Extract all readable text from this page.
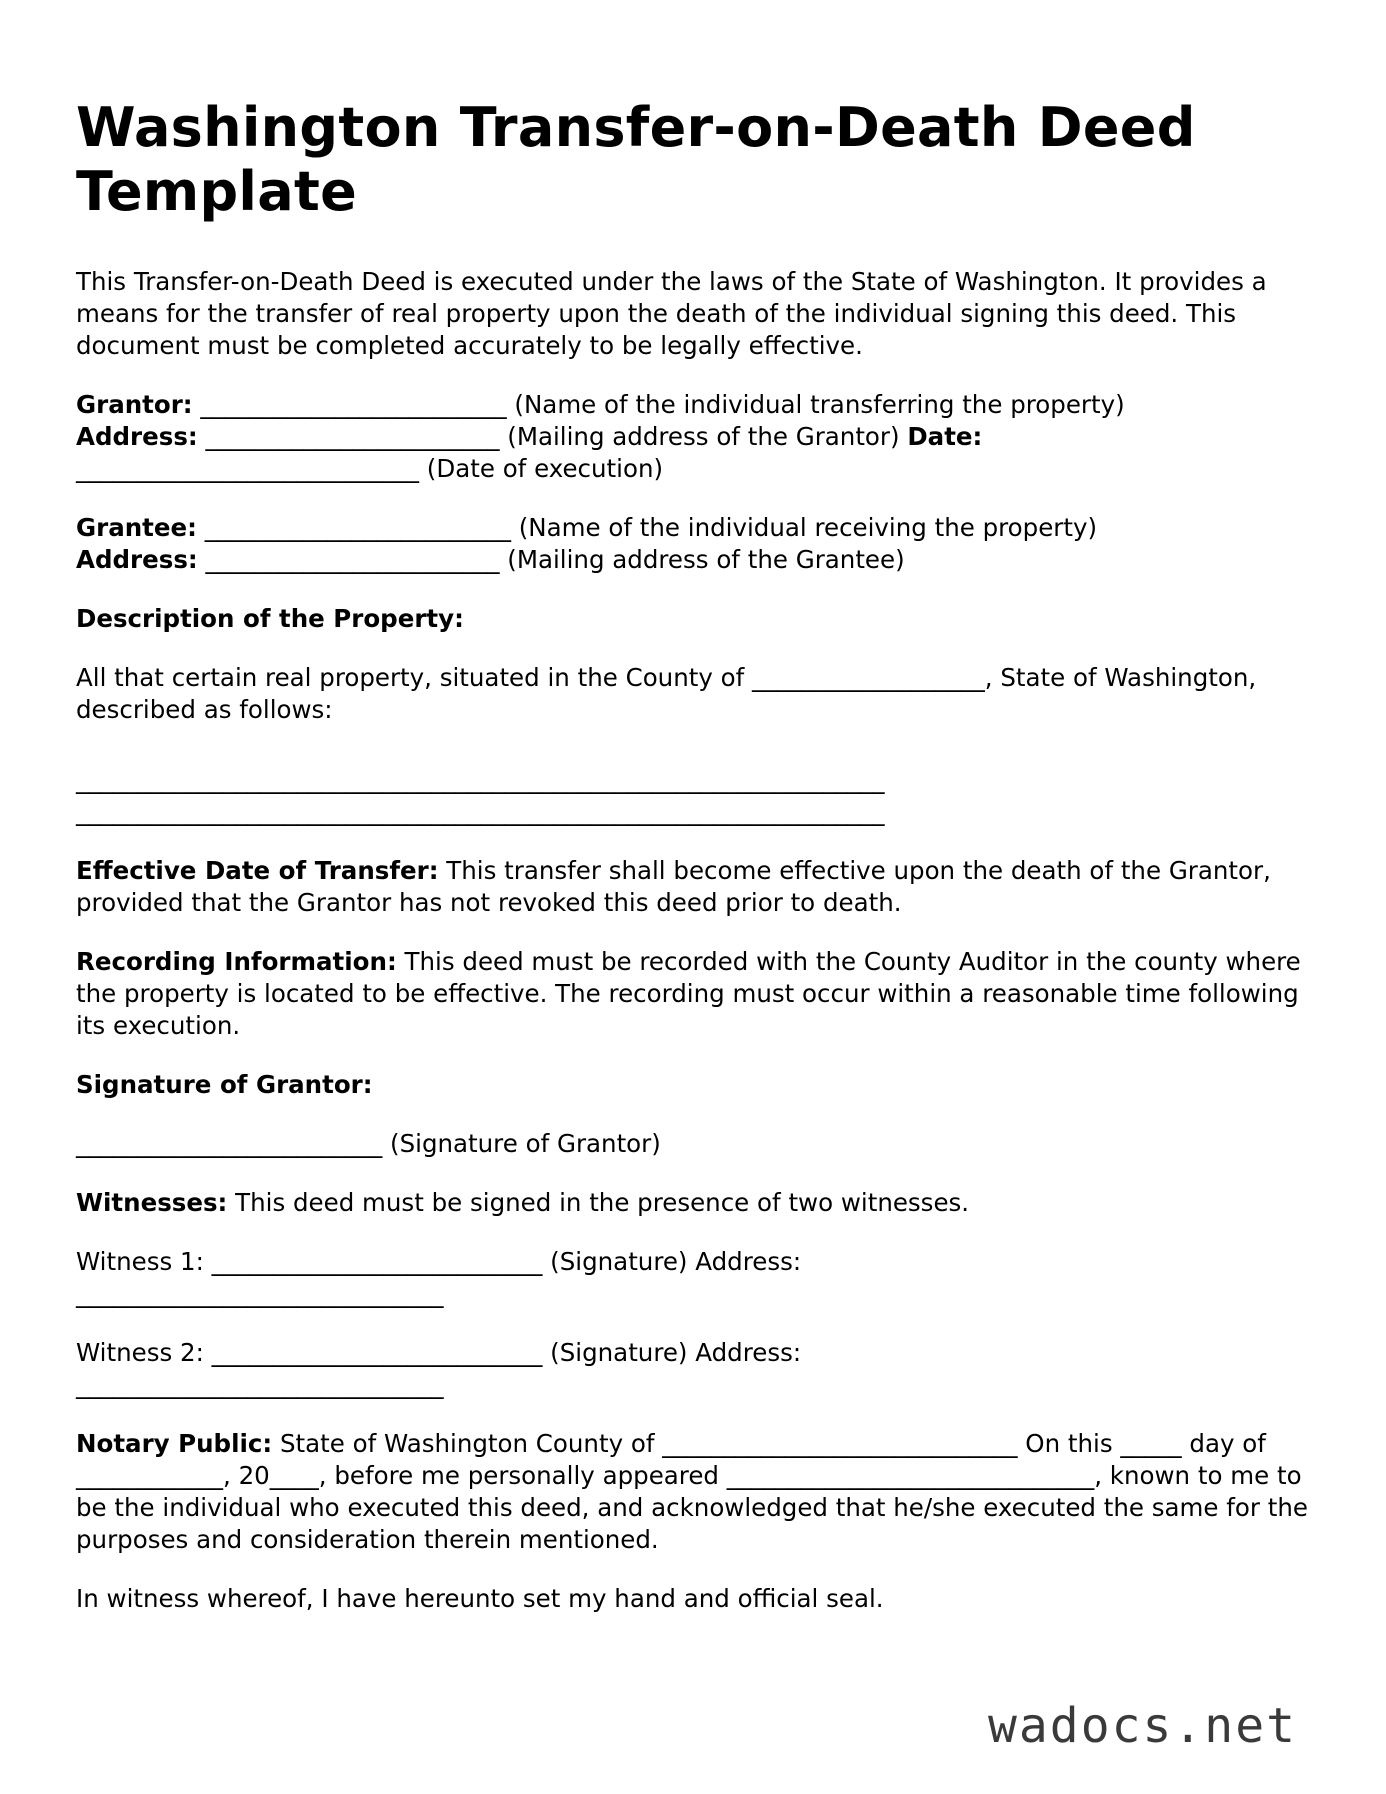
Washington Transfer-on-Death Deed Template

This Transfer-on-Death Deed is executed under the laws of the State of Washington. It provides a means for the transfer of real property upon the death of the individual signing this deed. This document must be completed accurately to be legally effective.

Grantor: _________________________ (Name of the individual transferring the property)
Address: ________________________ (Mailing address of the Grantor) Date: ____________________________ (Date of execution)

Grantee: _________________________ (Name of the individual receiving the property)
Address: ________________________ (Mailing address of the Grantee)

Description of the Property:

All that certain real property, situated in the County of ___________________, State of Washington, described as follows:

__________________________________________________________________
__________________________________________________________________

Effective Date of Transfer: This transfer shall become effective upon the death of the Grantor, provided that the Grantor has not revoked this deed prior to death.

Recording Information: This deed must be recorded with the County Auditor in the county where the property is located to be effective. The recording must occur within a reasonable time following its execution.

Signature of Grantor:

_________________________ (Signature of Grantor)

Witnesses: This deed must be signed in the presence of two witnesses.

Witness 1: ___________________________ (Signature) Address: ______________________________

Witness 2: ___________________________ (Signature) Address: ______________________________

Notary Public: State of Washington County of _____________________________ On this _____ day of ____________, 20____, before me personally appeared ______________________________, known to me to be the individual who executed this deed, and acknowledged that he/she executed the same for the purposes and consideration therein mentioned.

In witness whereof, I have hereunto set my hand and official seal.

wadocs.net
